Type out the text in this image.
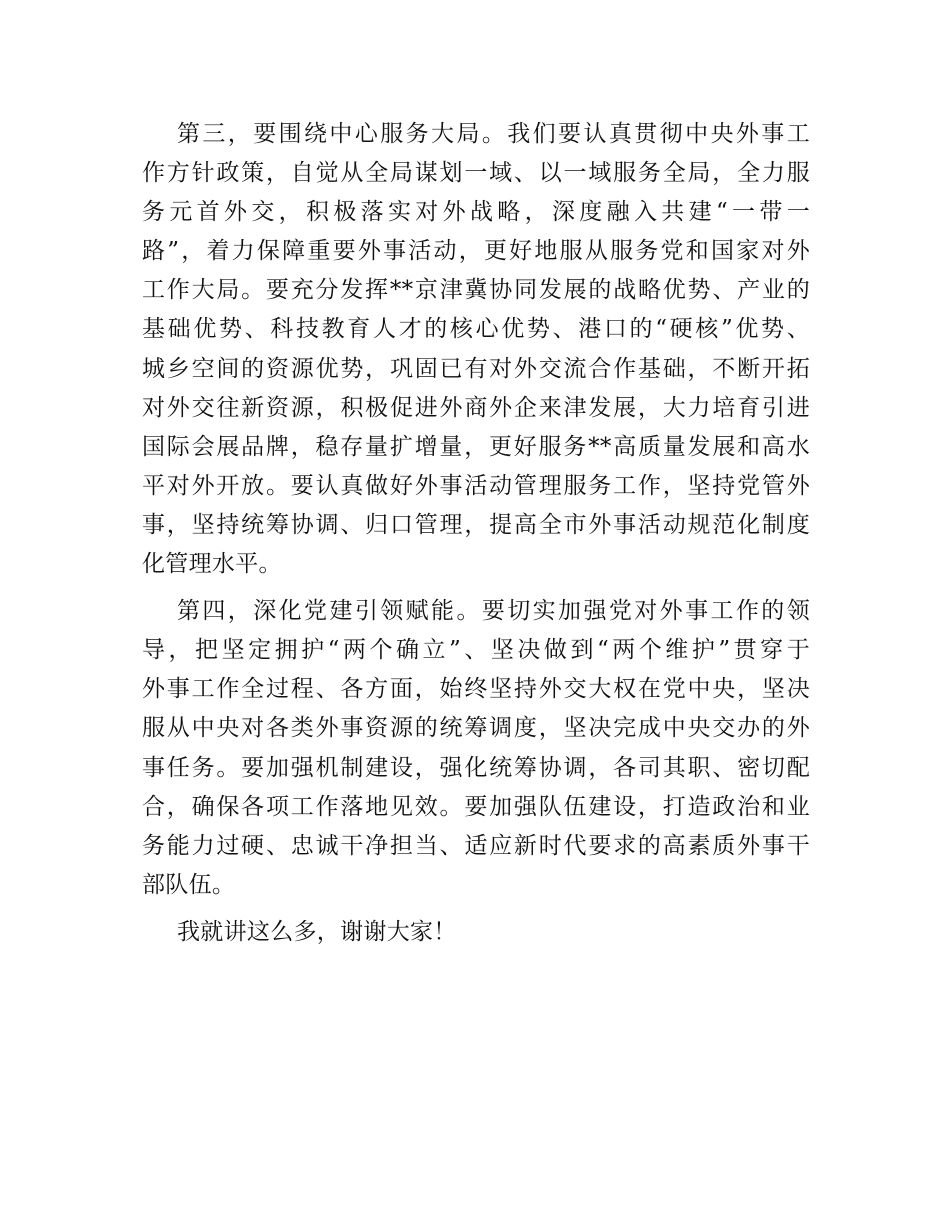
第三，要围绕中心服务大局。我们要认真贯彻中央外事工
作方针政策，自觉从全局谋划一域、以一域服务全局，全力服
务元首外交，积极落实对外战略，深度融入共建“一带一
路”，着力保障重要外事活动，更好地服从服务党和国家对外
工作大局。要充分发挥**京津冀协同发展的战略优势、产业的
基础优势、科技教育人才的核心优势、港口的“硬核”优势、
城乡空间的资源优势，巩固已有对外交流合作基础，不断开拓
对外交往新资源，积极促进外商外企来津发展，大力培育引进
国际会展品牌，稳存量扩增量，更好服务**高质量发展和高水
平对外开放。要认真做好外事活动管理服务工作，坚持党管外
事，坚持统筹协调、归口管理，提高全市外事活动规范化制度
化管理水平。
第四，深化党建引领赋能。要切实加强党对外事工作的领
导，把坚定拥护“两个确立”、坚决做到“两个维护”贯穿于
外事工作全过程、各方面，始终坚持外交大权在党中央，坚决
服从中央对各类外事资源的统筹调度，坚决完成中央交办的外
事任务。要加强机制建设，强化统筹协调，各司其职、密切配
合，确保各项工作落地见效。要加强队伍建设，打造政治和业
务能力过硬、忠诚干净担当、适应新时代要求的高素质外事干
部队伍。
我就讲这么多，谢谢大家！
